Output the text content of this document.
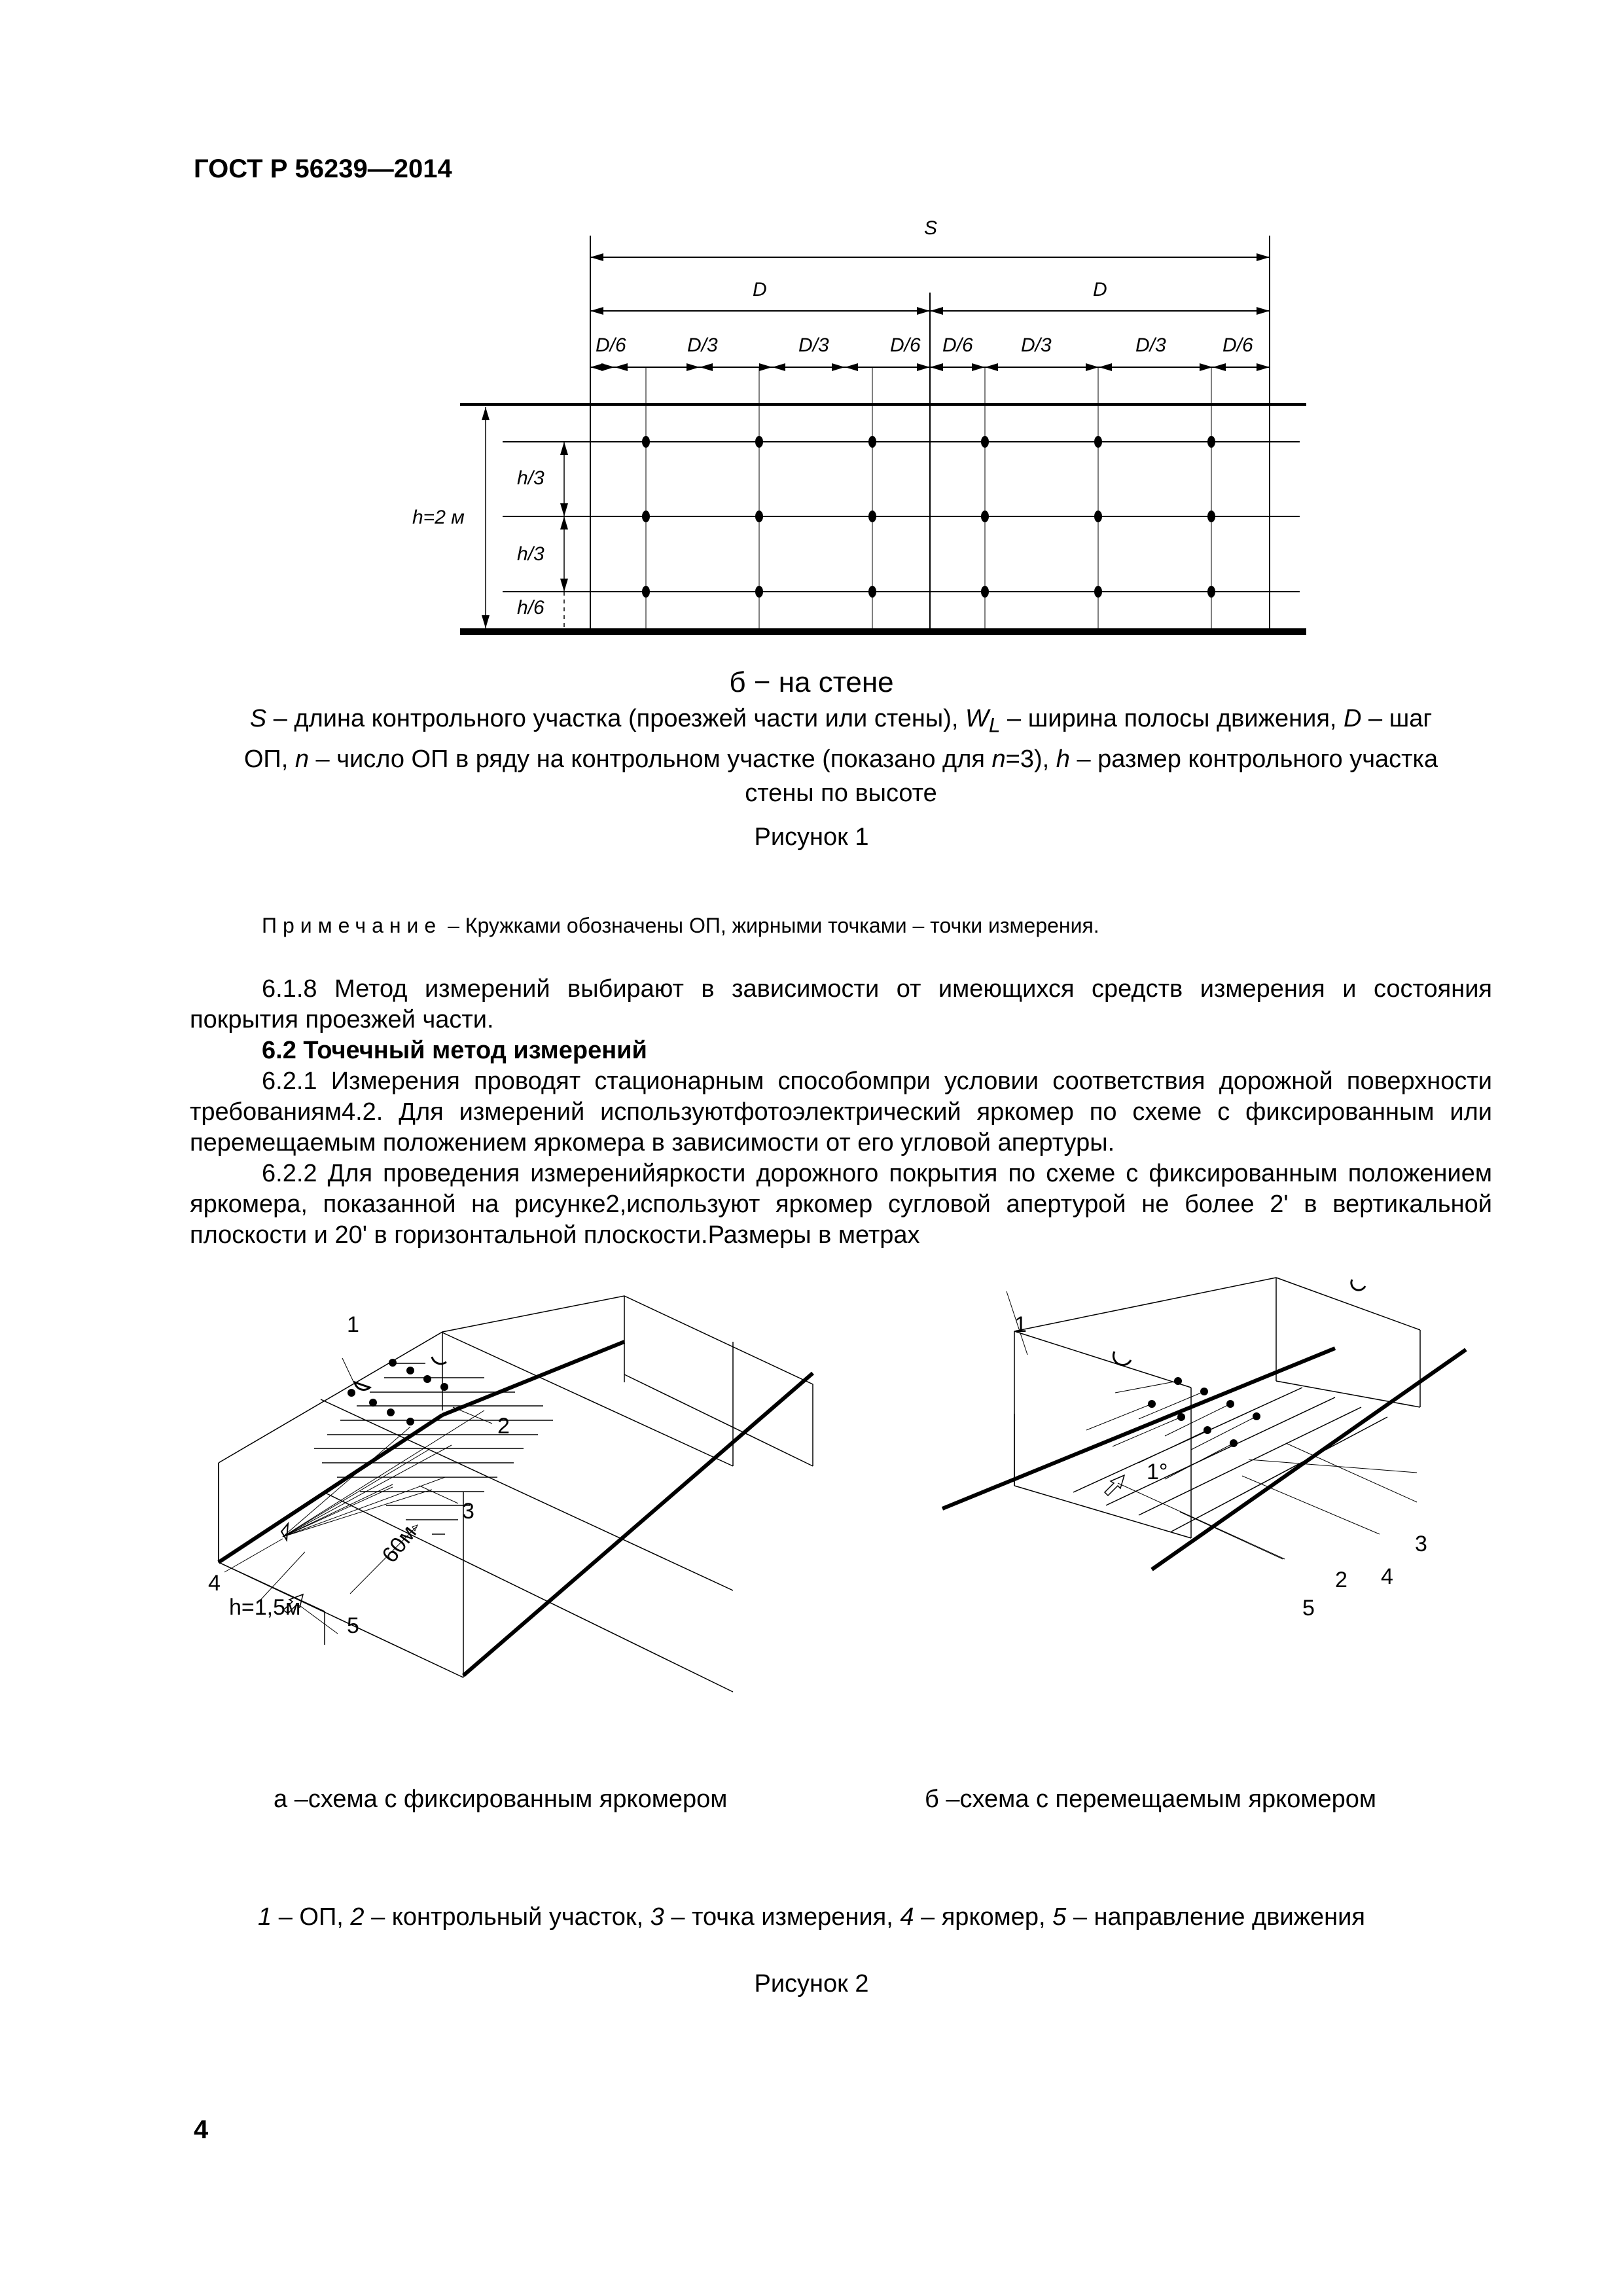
ГОСТ Р 56239—2014
S
D	D
D/6	D/3	D/3	D/6 D/6 D/3	D/3	D/6
h=2 м
h/3
h/3
h/6
б − на стене
S – длина контрольного участка (проезжей части или стены), $W_L$ – ширина полосы движения, D – шаг
ОП, n – число ОП в ряду на контрольном участке (показано для n=3), h – размер контрольного участка
стены по высоте
Рисунок 1
Примечание – Кружками обозначены ОП, жирными точками – точки измерения.

6.1.8 Метод измерений выбирают в зависимости от имеющихся средств измерения и состояния покрытия проезжей части.

6.2 Точечный метод измерений

6.2.1 Измерения проводят стационарным способомпри условии соответствия дорожной поверхности требованиям4.2. Для измерений используютфотоэлектрический яркомер по схеме с фиксированным или перемещаемым положением яркомера в зависимости от его угловой апертуры.

6.2.2 Для проведения измеренийяркости дорожного покрытия по схеме с фиксированным положением яркомера, показанной на рисунке2,используют яркомер сугловой апертурой не более 2' в вертикальной плоскости и 20' в горизонтальной плоскости.Размеры в метрах

1
2
3
4
5
h=1,5м
60м
1
2
3
4
5
1°
а –схема с фиксированным яркомером	б –схема с перемещаемым яркомером
1 – ОП, 2 – контрольный участок, 3 – точка измерения, 4 – яркомер, 5 – направление движения
Рисунок 2
4
